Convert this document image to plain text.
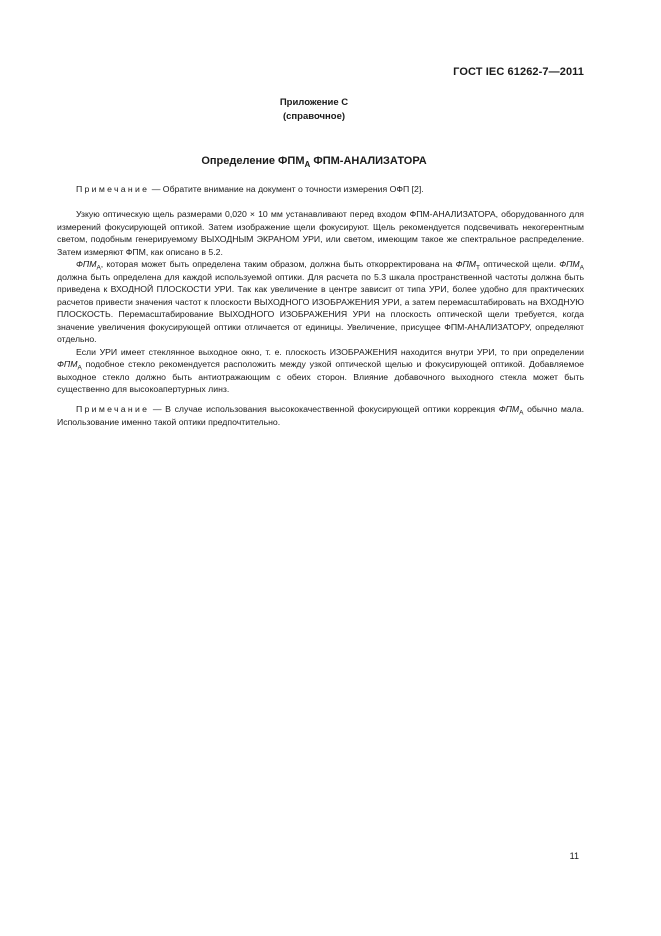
ГОСТ IEC 61262-7—2011
Приложение С
(справочное)
Определение $ФПМ_A$ ФПМ-АНАЛИЗАТОРА

Примечание — Обратите внимание на документ о точности измерения ОФП [2].

Узкую оптическую щель размерами 0,020 × 10 мм устанавливают перед входом ФПМ-АНАЛИЗАТОРА, оборудованного для измерений фокусирующей оптикой. Затем изображение щели фокусируют. Щель рекомендуется подсвечивать некогерентным светом, подобным генерируемому ВЫХОДНЫМ ЭКРАНОМ УРИ, или светом, имеющим такое же спектральное распределение. Затем измеряют ФПМ, как описано в 5.2.

$ФПМ_A$, которая может быть определена таким образом, должна быть откорректирована на $ФПМ_T$ оптической щели. $ФПМ_A$ должна быть определена для каждой используемой оптики. Для расчета по 5.3 шкала пространственной частоты должна быть приведена к ВХОДНОЙ ПЛОСКОСТИ УРИ. Так как увеличение в центре зависит от типа УРИ, более удобно для практических расчетов привести значения частот к плоскости ВЫХОДНОГО ИЗОБРАЖЕНИЯ УРИ, а затем перемасштабировать на ВХОДНУЮ ПЛОСКОСТЬ. Перемасштабирование ВЫХОДНОГО ИЗОБРАЖЕНИЯ УРИ на плоскость оптической щели требуется, когда значение увеличения фокусирующей оптики отличается от единицы. Увеличение, присущее ФПМ-АНАЛИЗАТОРУ, определяют отдельно.

Если УРИ имеет стеклянное выходное окно, т. е. плоскость ИЗОБРАЖЕНИЯ находится внутри УРИ, то при определении $ФПМ_A$ подобное стекло рекомендуется расположить между узкой оптической щелью и фокусирующей оптикой. Добавляемое выходное стекло должно быть антиотражающим с обеих сторон. Влияние добавочного выходного стекла может быть существенно для высокоапертурных линз.

Примечание — В случае использования высококачественной фокусирующей оптики коррекция $ФПМ_A$ обычно мала. Использование именно такой оптики предпочтительно.

11
